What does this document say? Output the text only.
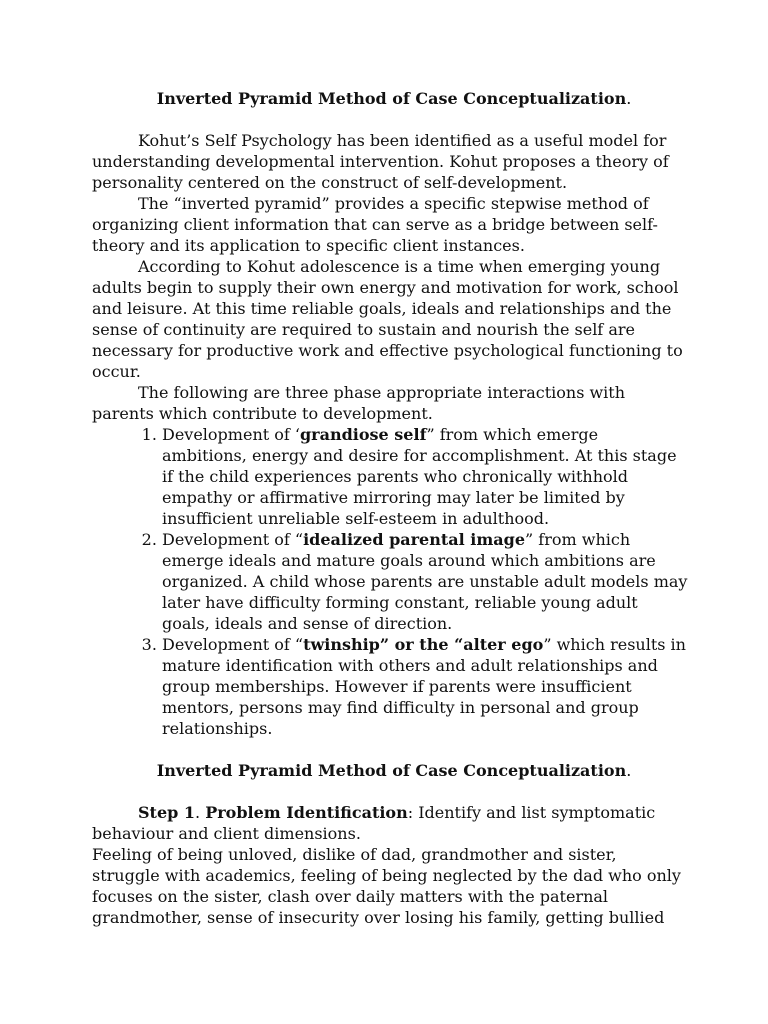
Inverted Pyramid Method of Case Conceptualization.

Kohut’s Self Psychology has been identified as a useful model for understanding developmental intervention. Kohut proposes a theory of personality centered on the construct of self-development.

The “inverted pyramid” provides a specific stepwise method of organizing client information that can serve as a bridge between self-theory and its application to specific client instances.

According to Kohut adolescence is a time when emerging young adults begin to supply their own energy and motivation for work, school and leisure. At this time reliable goals, ideals and relationships and the sense of continuity are required to sustain and nourish the self are necessary for productive work and effective psychological functioning to occur.

The following are three phase appropriate interactions with parents which contribute to development.

1. Development of ‘grandiose self” from which emerge ambitions, energy and desire for accomplishment. At this stage if the child experiences parents who chronically withhold empathy or affirmative mirroring may later be limited by insufficient unreliable self-esteem in adulthood.
2. Development of “idealized parental image” from which emerge ideals and mature goals around which ambitions are organized. A child whose parents are unstable adult models may later have difficulty forming constant, reliable young adult goals, ideals and sense of direction.
3. Development of “twinship” or the “alter ego” which results in mature identification with others and adult relationships and group memberships. However if parents were insufficient mentors, persons may find difficulty in personal and group relationships.

Inverted Pyramid Method of Case Conceptualization.

Step 1. Problem Identification: Identify and list symptomatic behaviour and client dimensions.

Feeling of being unloved, dislike of dad, grandmother and sister, struggle with academics, feeling of being neglected by the dad who only focuses on the sister, clash over daily matters with the paternal grandmother, sense of insecurity over losing his family, getting bullied
